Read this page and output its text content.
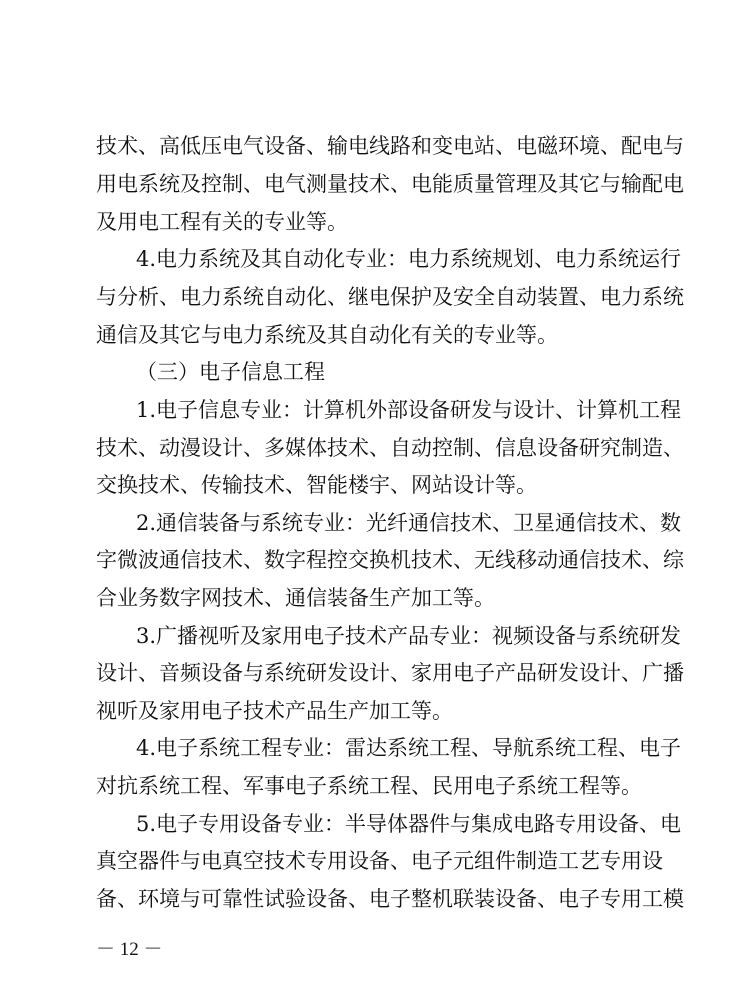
技术、高低压电气设备、输电线路和变电站、电磁环境、配电与
用电系统及控制、电气测量技术、电能质量管理及其它与输配电
及用电工程有关的专业等。
4.电力系统及其自动化专业：电力系统规划、电力系统运行
与分析、电力系统自动化、继电保护及安全自动装置、电力系统
通信及其它与电力系统及其自动化有关的专业等。
（三）电子信息工程
1.电子信息专业：计算机外部设备研发与设计、计算机工程
技术、动漫设计、多媒体技术、自动控制、信息设备研究制造、
交换技术、传输技术、智能楼宇、网站设计等。
2.通信装备与系统专业：光纤通信技术、卫星通信技术、数
字微波通信技术、数字程控交换机技术、无线移动通信技术、综
合业务数字网技术、通信装备生产加工等。
3.广播视听及家用电子技术产品专业：视频设备与系统研发
设计、音频设备与系统研发设计、家用电子产品研发设计、广播
视听及家用电子技术产品生产加工等。
4.电子系统工程专业：雷达系统工程、导航系统工程、电子
对抗系统工程、军事电子系统工程、民用电子系统工程等。
5.电子专用设备专业：半导体器件与集成电路专用设备、电
真空器件与电真空技术专用设备、电子元组件制造工艺专用设
备、环境与可靠性试验设备、电子整机联装设备、电子专用工模
－ 12 －
